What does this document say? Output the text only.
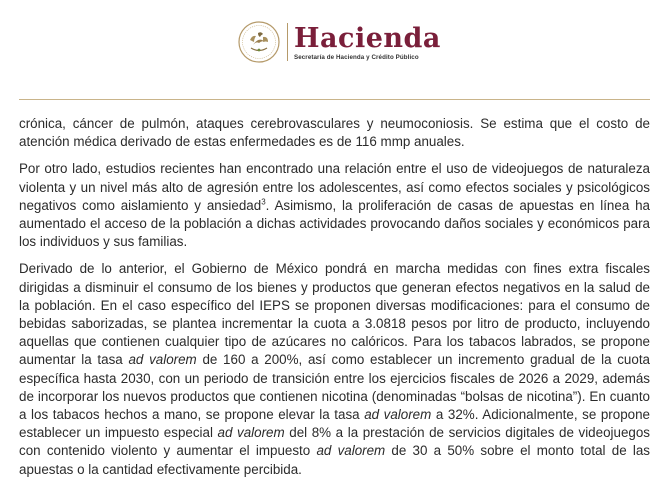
Hacienda
Secretaría de Hacienda y Crédito Público

crónica, cáncer de pulmón, ataques cerebrovasculares y neumoconiosis. Se estima que el costo de atención médica derivado de estas enfermedades es de 116 mmp anuales.

Por otro lado, estudios recientes han encontrado una relación entre el uso de videojuegos de naturaleza violenta y un nivel más alto de agresión entre los adolescentes, así como efectos sociales y psicológicos negativos como aislamiento y ansiedad$^3$. Asimismo, la proliferación de casas de apuestas en línea ha aumentado el acceso de la población a dichas actividades provocando daños sociales y económicos para los individuos y sus familias.

Derivado de lo anterior, el Gobierno de México pondrá en marcha medidas con fines extra fiscales dirigidas a disminuir el consumo de los bienes y productos que generan efectos negativos en la salud de la población. En el caso específico del IEPS se proponen diversas modificaciones: para el consumo de bebidas saborizadas, se plantea incrementar la cuota a 3.0818 pesos por litro de producto, incluyendo aquellas que contienen cualquier tipo de azúcares no calóricos. Para los tabacos labrados, se propone aumentar la tasa ad valorem de 160 a 200%, así como establecer un incremento gradual de la cuota específica hasta 2030, con un periodo de transición entre los ejercicios fiscales de 2026 a 2029, además de incorporar los nuevos productos que contienen nicotina (denominadas “bolsas de nicotina”). En cuanto a los tabacos hechos a mano, se propone elevar la tasa ad valorem a 32%. Adicionalmente, se propone establecer un impuesto especial ad valorem del 8% a la prestación de servicios digitales de videojuegos con contenido violento y aumentar el impuesto ad valorem de 30 a 50% sobre el monto total de las apuestas o la cantidad efectivamente percibida.
